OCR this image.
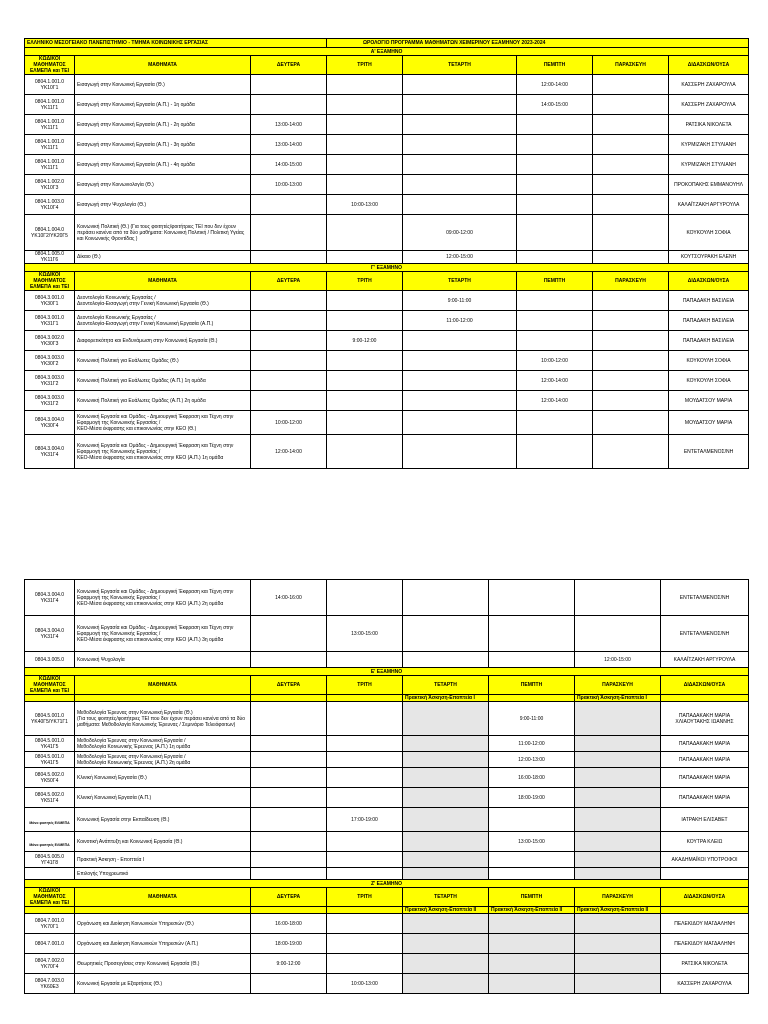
ΕΛΛΗΝΙΚΟ ΜΕΣΟΓΕΙΑΚΟ ΠΑΝΕΠΙΣΤΗΜΙΟ - ΤΜΗΜΑ ΚΟΙΝΩΝΙΚΗΣ ΕΡΓΑΣΙΑΣ			ΩΡΟΛΟΓΙΟ ΠΡΟΓΡΑΜΜΑ ΜΑΘΗΜΑΤΩΝ ΧΕΙΜΕΡΙΝΟΥ ΕΞΑΜΗΝΟΥ 2023-2024				
Α' ΕΞΑΜΗΝΟ							
ΚΩΔΙΚΟΙ ΜΑΘΗΜΑΤΟΣ ΕΛΜΕΠΑ και ΤΕΙ	ΜΑΘΗΜΑΤΑ	ΔΕΥΤΕΡΑ	ΤΡΙΤΗ	ΤΕΤΑΡΤΗ	ΠΕΜΠΤΗ	ΠΑΡΑΣΚΕΥΗ	ΔΙΔΑΣΚΩΝ/ΟΥΣΑ
0804.1.001.0
ΥΚ10Γ1	Εισαγωγή στην Κοινωνική Εργασία (Θ.)				12:00-14:00		ΚΑΣΣΕΡΗ ΖΑΧΑΡΟΥΛΑ
0804.1.001.0
ΥΚ11Γ1	Εισαγωγή στην Κοινωνική Εργασία (Α.Π.) - 1η ομάδα				14:00-15:00		ΚΑΣΣΕΡΗ ΖΑΧΑΡΟΥΛΑ
0804.1.001.0
ΥΚ11Γ1	Εισαγωγή στην Κοινωνική Εργασία (Α.Π.) - 2η ομάδα	13:00-14:00					ΡΑΤΣΙΚΑ ΝΙΚΟΛΕΤΑ
0804.1.001.0
ΥΚ11Γ1	Εισαγωγή στην Κοινωνική Εργασία (Α.Π.) - 3η ομάδα	13:00-14:00					ΚΥΡΜΙΖΑΚΗ ΣΤΥΛΙΑΝΗ
0804.1.001.0
ΥΚ11Γ1	Εισαγωγή στην Κοινωνική Εργασία (Α.Π.) - 4η ομάδα	14:00-15:00					ΚΥΡΜΙΖΑΚΗ ΣΤΥΛΙΑΝΗ
0804.1.002.0
ΥΚ10Γ3	Εισαγωγή στην Κοινωνιολογία (Θ.)	10:00-13:00					ΠΡΟΚΟΠΑΚΗΣ ΕΜΜΑΝΟΥΗΛ
0804.1.003.0
ΥΚ10Γ4	Εισαγωγή στην Ψυχολογία (Θ.)		10:00-13:00				ΚΑΛΑΪΤΖΑΚΗ ΑΡΓΥΡΟΥΛΑ
0804.1.004.0
ΥΚ10Γ2/ΥΚ20Γ5	Κοινωνική Πολιτική (Θ.) (Για τους φοιτητές/φοιτήτριες ΤΕΙ που δεν έχουν περάσει κανένα από τα δύο μαθήματα: Κοινωνική Πολιτική / Πολιτική Υγείας και Κοινωνικής Φροντίδας )			09:00-12:00			ΚΟΥΚΟΥΛΗ ΣΟΦΙΑ
0804.1.005.0
ΥΚ11Γ6	Δίκαιο (Θ.)			12:00-15:00			ΚΟΥΤΣΟΥΡΑΚΗ ΕΛΕΝΗ
Γ' ΕΞΑΜΗΝΟ							
ΚΩΔΙΚΟΙ ΜΑΘΗΜΑΤΟΣ ΕΛΜΕΠΑ και ΤΕΙ	ΜΑΘΗΜΑΤΑ	ΔΕΥΤΕΡΑ	ΤΡΙΤΗ	ΤΕΤΑΡΤΗ	ΠΕΜΠΤΗ	ΠΑΡΑΣΚΕΥΗ	ΔΙΔΑΣΚΩΝ/ΟΥΣΑ
0804.3.001.0
ΥΚ30Γ1	Δεοντολογία Κοινωνικής Εργασίας /
Δεοντολογία-Εισαγωγή στην Γενική Κοινωνική Εργασία (Θ.)			9:00-11:00			ΠΑΠΑΔΑΚΗ ΒΑΣΙΛΕΙΑ
0804.3.001.0
ΥΚ31Γ1	Δεοντολογία Κοινωνικής Εργασίας /
Δεοντολογία-Εισαγωγή στην Γενική Κοινωνική Εργασία (Α.Π.)			11:00-12:00			ΠΑΠΑΔΑΚΗ ΒΑΣΙΛΕΙΑ
0804.3.002.0
ΥΚ30Γ3	Διαφορετικότητα και Ενδυνάμωση στην Κοινωνική Εργασία (Θ.)		9:00-12:00				ΠΑΠΑΔΑΚΗ ΒΑΣΙΛΕΙΑ
0804.3.003.0
ΥΚ30Γ2	Κοινωνική Πολιτική για Ευάλωτες Ομάδες (Θ.)				10:00-12:00		ΚΟΥΚΟΥΛΗ ΣΟΦΙΑ
0804.3.003.0
ΥΚ31Γ2	Κοινωνική Πολιτική για Ευάλωτες Ομάδες (Α.Π.) 1η ομάδα				12:00-14:00		ΚΟΥΚΟΥΛΗ ΣΟΦΙΑ
0804.3.003.0
ΥΚ31Γ2	Κοινωνική Πολιτική για Ευάλωτες Ομάδες (Α.Π.) 2η ομάδα				12:00-14:00		ΜΟΥΔΑΤΣΟΥ ΜΑΡΙΑ
0804.3.004.0
ΥΚ30Γ4	Κοινωνική Εργασία και Ομάδες - Δημιουργική Έκφραση και Τέχνη στην Εφαρμογή της Κοινωνικής Εργασίας /
ΚΕΟ-Μέσα έκφρασης και επικοινωνίας στην ΚΕΟ (Θ.)	10:00-12:00					ΜΟΥΔΑΤΣΟΥ ΜΑΡΙΑ
0804.3.004.0
ΥΚ31Γ4	Κοινωνική Εργασία και Ομάδες - Δημιουργική Έκφραση και Τέχνη στην Εφαρμογή της Κοινωνικής Εργασίας /
ΚΕΟ-Μέσα έκφρασης και επικοινωνίας στην ΚΕΟ (Α.Π.) 1η ομάδα	12:00-14:00					ΕΝΤΕΤΑΛΜΕΝΟΣ/ΝΗ
0804.3.004.0
ΥΚ31Γ4	Κοινωνική Εργασία και Ομάδες - Δημιουργική Έκφραση και Τέχνη στην Εφαρμογή της Κοινωνικής Εργασίας /
ΚΕΟ-Μέσα έκφρασης και επικοινωνίας στην ΚΕΟ (Α.Π.) 2η ομάδα	14:00-16:00					ΕΝΤΕΤΑΛΜΕΝΟΣ/ΝΗ
0804.3.004.0
ΥΚ31Γ4	Κοινωνική Εργασία και Ομάδες - Δημιουργική Έκφραση και Τέχνη στην Εφαρμογή της Κοινωνικής Εργασίας /
ΚΕΟ-Μέσα έκφρασης και επικοινωνίας στην ΚΕΟ (Α.Π.) 3η ομάδα		13:00-15:00				ΕΝΤΕΤΑΛΜΕΝΟΣ/ΝΗ
0804.3.005.0	Κοινωνική Ψυχολογία					12:00-15:00	ΚΑΛΑΪΤΖΑΚΗ ΑΡΓΥΡΟΥΛΑ
Ε' ΕΞΑΜΗΝΟ							
ΚΩΔΙΚΟΙ ΜΑΘΗΜΑΤΟΣ ΕΛΜΕΠΑ και ΤΕΙ	ΜΑΘΗΜΑΤΑ	ΔΕΥΤΕΡΑ	ΤΡΙΤΗ	ΤΕΤΑΡΤΗ	ΠΕΜΠΤΗ	ΠΑΡΑΣΚΕΥΗ	ΔΙΔΑΣΚΩΝ/ΟΥΣΑ
				Πρακτική Άσκηση-Εποπτεία Ι		Πρακτική Άσκηση-Εποπτεία Ι	
0804.5.001.0
ΥΚ40Γ5/ΥΚ71Γ1	Μεθοδολογία Έρευνας στην Κοινωνική Εργασία (Θ.)
(Για τους φοιτητές/φοιτήτριες ΤΕΙ που δεν έχουν περάσει κανένα από τα δύο μαθήματα: Μεθοδολογία Κοινωνικής Έρευνας / Σεμινάριο Τελειόφοιτων)				9:00-11:00		ΠΑΠΑΔΑΚΑΚΗ ΜΑΡΙΑ
ΧΛΙΑΟΥΤΑΚΗΣ ΙΩΑΝΝΗΣ
0804.5.001.0
ΥΚ41Γ5	Μεθοδολογία Έρευνας στην Κοινωνική Εργασία /
Μεθοδολογία Κοινωνικής Έρευνας (Α.Π.) 1η ομάδα				11:00-12:00		ΠΑΠΑΔΑΚΑΚΗ ΜΑΡΙΑ
0804.5.001.0
ΥΚ41Γ5	Μεθοδολογία Έρευνας στην Κοινωνική Εργασία /
Μεθοδολογία Κοινωνικής Έρευνας (Α.Π.) 2η ομάδα				12:00-13:00		ΠΑΠΑΔΑΚΑΚΗ ΜΑΡΙΑ
0804.5.002.0
ΥΚ50Γ4	Κλινική Κοινωνική Εργασία (Θ.)				16:00-18:00		ΠΑΠΑΔΑΚΑΚΗ ΜΑΡΙΑ
0804.5.002.0
ΥΚ51Γ4	Κλινική Κοινωνική Εργασία (Α.Π.)				18:00-19:00		ΠΑΠΑΔΑΚΑΚΗ ΜΑΡΙΑ

Μόνο φοιτητές ΕΛΜΕΠΑ	Κοινωνική Εργασία στην Εκπαίδευση (Θ.)		17:00-19:00				ΙΑΤΡΑΚΗ ΕΛΙΣΑΒΕΤ

Μόνο φοιτητές ΕΛΜΕΠΑ	Κοινοτική Ανάπτυξη και Κοινωνική Εργασία (Θ.)				13:00-15:00		ΚΟΥΤΡΑ ΚΛΕΙΩ
0804.5.005.0
ΥΓ41Γ8	Πρακτική Άσκηση - Εποπτεία Ι						ΑΚΑΔΗΜΑΪΚΟΙ ΥΠΟΤΡΟΦΟΙ
	Επιλογής Υποχρεωτικό						
Ζ' ΕΞΑΜΗΝΟ							
ΚΩΔΙΚΟΙ ΜΑΘΗΜΑΤΟΣ ΕΛΜΕΠΑ και ΤΕΙ	ΜΑΘΗΜΑΤΑ	ΔΕΥΤΕΡΑ	ΤΡΙΤΗ	ΤΕΤΑΡΤΗ	ΠΕΜΠΤΗ	ΠΑΡΑΣΚΕΥΗ	ΔΙΔΑΣΚΩΝ/ΟΥΣΑ
				Πρακτική Άσκηση-Εποπτεία ΙΙ	Πρακτική Άσκηση-Εποπτεία ΙΙ	Πρακτική Άσκηση-Εποπτεία ΙΙ	
0804.7.001.0
ΥΚ70Γ1	Οργάνωση και Διοίκηση Κοινωνικών Υπηρεσιών (Θ.)	16:00-18:00					ΠΕΛΕΚΙΔΟΥ ΜΑΓΔΑΛΗΝΗ
0804.7.001.0	Οργάνωση και Διοίκηση Κοινωνικών Υπηρεσιών (Α.Π.)	18:00-19:00					ΠΕΛΕΚΙΔΟΥ ΜΑΓΔΑΛΗΝΗ
0804.7.002.0
ΥΚ70Γ4	Θεωρητικές Προσεγγίσεις στην Κοινωνική Εργασία (Θ.)	9:00-12:00					ΡΑΤΣΙΚΑ ΝΙΚΟΛΕΤΑ
0804.7.003.0
ΥΚ60Ε3	Κοινωνική Εργασία με Εξαρτήσεις (Θ.)		10:00-13:00				ΚΑΣΣΕΡΗ ΖΑΧΑΡΟΥΛΑ
